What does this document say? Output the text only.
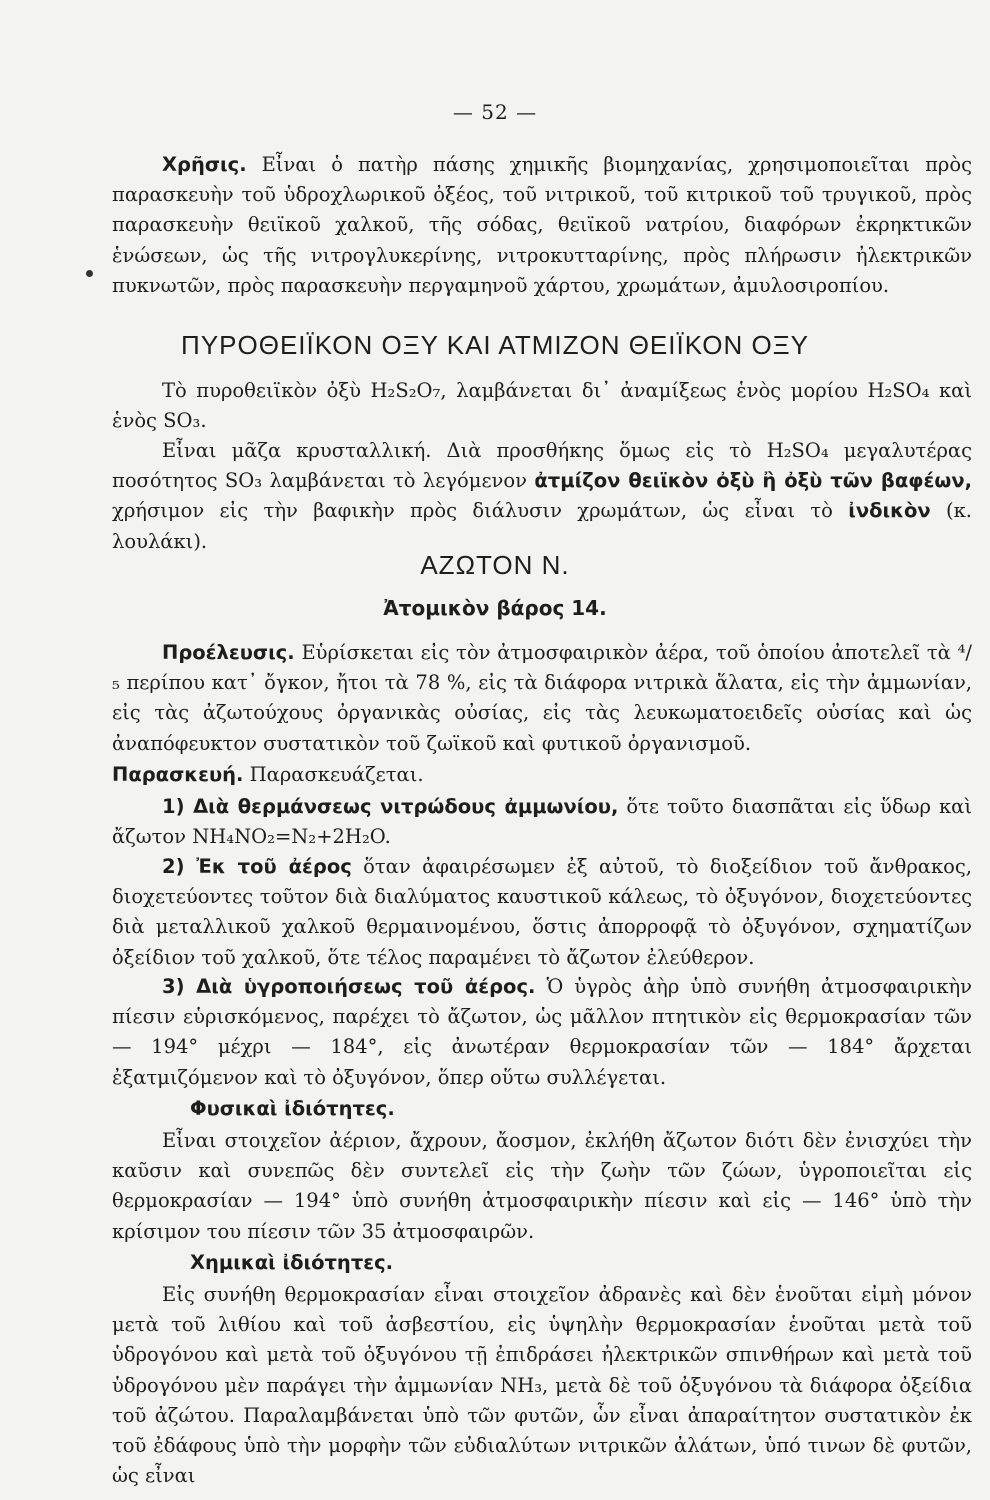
— 52 —
Χρῆσις. Εἶναι ὁ πατὴρ πάσης χημικῆς βιομηχανίας, χρησιμοποιεῖται πρὸς παρασκευὴν τοῦ ὑδροχλωρικοῦ ὀξέος, τοῦ νιτρικοῦ, τοῦ κιτρικοῦ τοῦ τρυγικοῦ, πρὸς παρασκευὴν θειϊκοῦ χαλκοῦ, τῆς σόδας, θειϊκοῦ νατρίου, διαφόρων ἐκρηκτικῶν ἑνώσεων, ὡς τῆς νιτρογλυκερίνης, νιτροκυτταρίνης, πρὸς πλήρωσιν ἠλεκτρικῶν πυκνωτῶν, πρὸς παρασκευὴν περγαμηνοῦ χάρτου, χρωμάτων, ἀμυλοσιροπίου.
ΠΥΡΟΘΕΙΪΚΟΝ ΟΞΥ ΚΑΙ ΑΤΜΙΖΟΝ ΘΕΙΪΚΟΝ ΟΞΥ
Τὸ πυροθειϊκὸν ὀξὺ H₂S₂O₇, λαμβάνεται δι᾿ ἀναμίξεως ἑνὸς μορίου H₂SO₄ καὶ ἑνὸς SO₃.
Εἶναι μᾶζα κρυσταλλική. Διὰ προσθήκης ὅμως εἰς τὸ H₂SO₄ μεγαλυτέρας ποσότητος SO₃ λαμβάνεται τὸ λεγόμενον ἀτμίζον θειϊκὸν ὀξὺ ἢ ὀξὺ τῶν βαφέων, χρήσιμον εἰς τὴν βαφικὴν πρὸς διάλυσιν χρωμάτων, ὡς εἶναι τὸ ἰνδικὸν (κ. λουλάκι).
ΑΖΩΤΟΝ N.
Ἀτομικὸν βάρος 14.
Προέλευσις. Εὑρίσκεται εἰς τὸν ἀτμοσφαιρικὸν ἀέρα, τοῦ ὁποίου ἀποτελεῖ τὰ ⁴/₅ περίπου κατ᾿ ὄγκον, ἤτοι τὰ 78 %, εἰς τὰ διάφορα νιτρικὰ ἅλατα, εἰς τὴν ἀμμωνίαν, εἰς τὰς ἀζωτούχους ὀργανικὰς οὐσίας, εἰς τὰς λευκωματοειδεῖς οὐσίας καὶ ὡς ἀναπόφευκτον συστατικὸν τοῦ ζωϊκοῦ καὶ φυτικοῦ ὀργανισμοῦ.
Παρασκευή. Παρασκευάζεται.
1) Διὰ θερμάνσεως νιτρώδους ἀμμωνίου, ὅτε τοῦτο διασπᾶται εἰς ὕδωρ καὶ ἄζωτον NH₄NO₂=N₂+2H₂O.
2) Ἐκ τοῦ ἀέρος ὅταν ἀφαιρέσωμεν ἐξ αὐτοῦ, τὸ διοξείδιον τοῦ ἄνθρακος, διοχετεύοντες τοῦτον διὰ διαλύματος καυστικοῦ κάλεως, τὸ ὀξυγόνον, διοχετεύοντες διὰ μεταλλικοῦ χαλκοῦ θερμαινομένου, ὅστις ἀπορροφᾷ τὸ ὀξυγόνον, σχηματίζων ὀξείδιον τοῦ χαλκοῦ, ὅτε τέλος παραμένει τὸ ἄζωτον ἐλεύθερον.
3) Διὰ ὑγροποιήσεως τοῦ ἀέρος. Ὁ ὑγρὸς ἀὴρ ὑπὸ συνήθη ἀτμοσφαιρικὴν πίεσιν εὑρισκόμενος, παρέχει τὸ ἄζωτον, ὡς μᾶλλον πτητικὸν εἰς θερμοκρασίαν τῶν — 194° μέχρι — 184°, εἰς ἀνωτέραν θερμοκρασίαν τῶν — 184° ἄρχεται ἐξατμιζόμενον καὶ τὸ ὀξυγόνον, ὅπερ οὕτω συλλέγεται.
Φυσικαὶ ἰδιότητες.
Εἶναι στοιχεῖον ἀέριον, ἄχρουν, ἄοσμον, ἐκλήθη ἄζωτον διότι δὲν ἐνισχύει τὴν καῦσιν καὶ συνεπῶς δὲν συντελεῖ εἰς τὴν ζωὴν τῶν ζώων, ὑγροποιεῖται εἰς θερμοκρασίαν — 194° ὑπὸ συνήθη ἀτμοσφαιρικὴν πίεσιν καὶ εἰς — 146° ὑπὸ τὴν κρίσιμον του πίεσιν τῶν 35 ἀτμοσφαιρῶν.
Χημικαὶ ἰδιότητες.
Εἰς συνήθη θερμοκρασίαν εἶναι στοιχεῖον ἀδρανὲς καὶ δὲν ἑνοῦται εἰμὴ μόνον μετὰ τοῦ λιθίου καὶ τοῦ ἀσβεστίου, εἰς ὑψηλὴν θερμοκρασίαν ἑνοῦται μετὰ τοῦ ὑδρογόνου καὶ μετὰ τοῦ ὀξυγόνου τῇ ἐπιδράσει ἠλεκτρικῶν σπινθήρων καὶ μετὰ τοῦ ὑδρογόνου μὲν παράγει τὴν ἀμμωνίαν NH₃, μετὰ δὲ τοῦ ὀξυγόνου τὰ διάφορα ὀξείδια τοῦ ἀζώτου. Παραλαμβάνεται ὑπὸ τῶν φυτῶν, ὧν εἶναι ἀπαραίτητον συστατικὸν ἐκ τοῦ ἐδάφους ὑπὸ τὴν μορφὴν τῶν εὐδιαλύτων νιτρικῶν ἀλάτων, ὑπό τινων δὲ φυτῶν, ὡς εἶναι
